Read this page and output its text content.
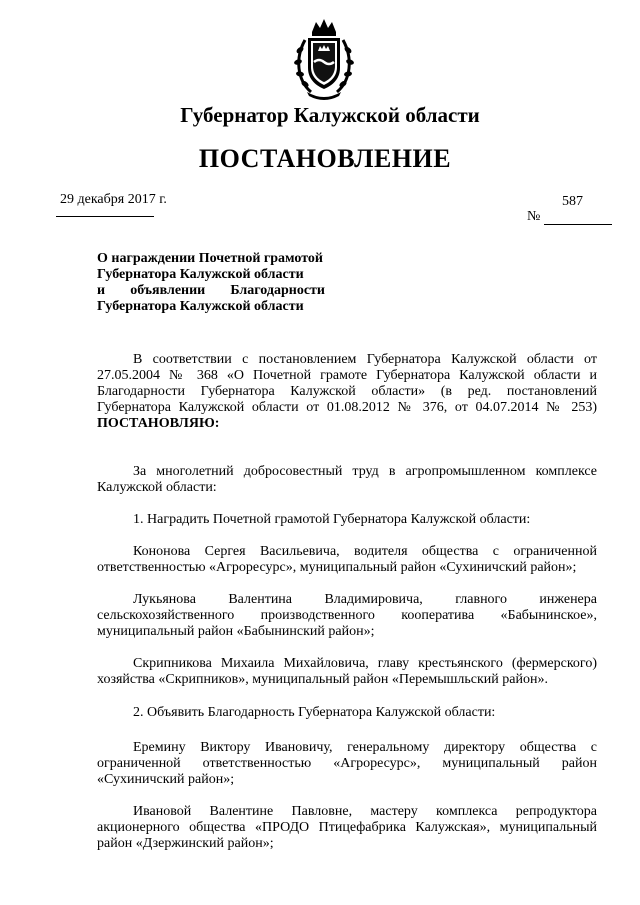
Губернатор Калужской области
ПОСТАНОВЛЕНИЕ
29 декабря 2017 г.	587
№
О награждении Почетной грамотой
Губернатора Калужской области
и объявлении Благодарности
Губернатора Калужской области
В соответствии с постановлением Губернатора Калужской области от 27.05.2004 № 368 «О Почетной грамоте Губернатора Калужской области и Благодарности Губернатора Калужской области» (в ред. постановлений Губернатора Калужской области от 01.08.2012 № 376, от 04.07.2014 № 253) ПОСТАНОВЛЯЮ:
За многолетний добросовестный труд в агропромышленном комплексе Калужской области:
1. Наградить Почетной грамотой Губернатора Калужской области:
Кононова Сергея Васильевича, водителя общества с ограниченной ответственностью «Агроресурс», муниципальный район «Сухиничский район»;
Лукьянова Валентина Владимировича, главного инженера сельскохозяйственного производственного кооператива «Бабынинское», муниципальный район «Бабынинский район»;
Скрипникова Михаила Михайловича, главу крестьянского (фермерского) хозяйства «Скрипников», муниципальный район «Перемышльский район».
2. Объявить Благодарность Губернатора Калужской области:
Еремину Виктору Ивановичу, генеральному директору общества с ограниченной ответственностью «Агроресурс», муниципальный район «Сухиничский район»;
Ивановой Валентине Павловне, мастеру комплекса репродуктора акционерного общества «ПРОДО Птицефабрика Калужская», муниципальный район «Дзержинский район»;
